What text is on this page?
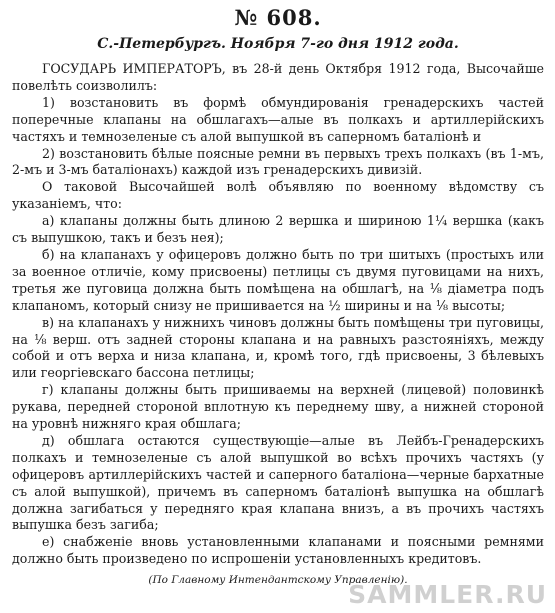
№ 608.
С.-Петербургъ. Ноября 7-го дня 1912 года.

ГОСУДАРЬ ИМПЕРАТОРЪ, въ 28-й день Октября 1912 года, Высочайше повелѣть соизволилъ:

1) возстановить въ формѣ обмундированія гренадерскихъ частей поперечные клапаны на обшлагахъ—алые въ полкахъ и артиллерійскихъ частяхъ и темнозеленые съ алой выпушкой въ саперномъ баталіонѣ и

2) возстановить бѣлые поясные ремни въ первыхъ трехъ полкахъ (въ 1-мъ, 2-мъ и 3-мъ баталіонахъ) каждой изъ гренадерскихъ дивизій.

О таковой Высочайшей волѣ объявляю по военному вѣдомству съ указаніемъ, что:

а) клапаны должны быть длиною 2 вершка и шириною 1¼ вершка (какъ съ выпушкою, такъ и безъ нея);

б) на клапанахъ у офицеровъ должно быть по три шитыхъ (простыхъ или за военное отличіе, кому присвоены) петлицы съ двумя пуговицами на нихъ, третья же пуговица должна быть помѣщена на обшлагѣ, на ⅛ діаметра подъ клапаномъ, который снизу не пришивается на ½ ширины и на ⅛ высоты;

в) на клапанахъ у нижнихъ чиновъ должны быть помѣщены три пуговицы, на ⅛ верш. отъ задней стороны клапана и на равныхъ разстояніяхъ, между собой и отъ верха и низа клапана, и, кромѣ того, гдѣ присвоены, 3 бѣлевыхъ или георгіевскаго бассона петлицы;

г) клапаны должны быть пришиваемы на верхней (лицевой) половинкѣ рукава, передней стороной вплотную къ переднему шву, а нижней стороной на уровнѣ нижняго края обшлага;

д) обшлага остаются существующіе—алые въ Лейбъ-Гренадерскихъ полкахъ и темнозеленые съ алой выпушкой во всѣхъ прочихъ частяхъ (у офицеровъ артиллерійскихъ частей и саперного баталіона—черные бархатные съ алой выпушкой), причемъ въ саперномъ баталіонѣ выпушка на обшлагѣ должна загибаться у передняго края клапана внизъ, а въ прочихъ частяхъ выпушка безъ загиба;

е) снабженіе вновь установленными клапанами и поясными ремнями должно быть произведено по испрошеніи установленныхъ кредитовъ.

(По Главному Интендантскому Управленію).
SAMMLER.RU
